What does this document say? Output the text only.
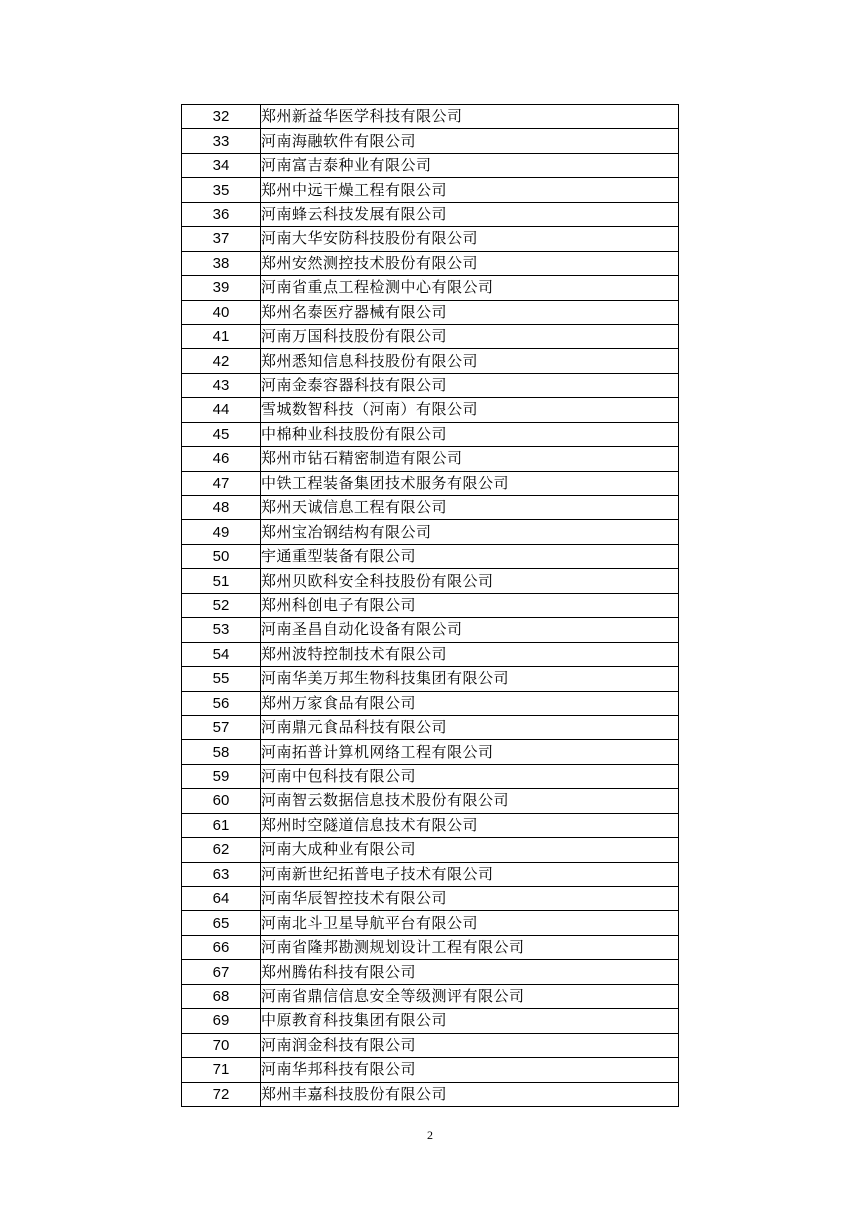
32	郑州新益华医学科技有限公司
33	河南海融软件有限公司
34	河南富吉泰种业有限公司
35	郑州中远干燥工程有限公司
36	河南蜂云科技发展有限公司
37	河南大华安防科技股份有限公司
38	郑州安然测控技术股份有限公司
39	河南省重点工程检测中心有限公司
40	郑州名泰医疗器械有限公司
41	河南万国科技股份有限公司
42	郑州悉知信息科技股份有限公司
43	河南金泰容器科技有限公司
44	雪城数智科技（河南）有限公司
45	中棉种业科技股份有限公司
46	郑州市钻石精密制造有限公司
47	中铁工程装备集团技术服务有限公司
48	郑州天诚信息工程有限公司
49	郑州宝冶钢结构有限公司
50	宇通重型装备有限公司
51	郑州贝欧科安全科技股份有限公司
52	郑州科创电子有限公司
53	河南圣昌自动化设备有限公司
54	郑州波特控制技术有限公司
55	河南华美万邦生物科技集团有限公司
56	郑州万家食品有限公司
57	河南鼎元食品科技有限公司
58	河南拓普计算机网络工程有限公司
59	河南中包科技有限公司
60	河南智云数据信息技术股份有限公司
61	郑州时空隧道信息技术有限公司
62	河南大成种业有限公司
63	河南新世纪拓普电子技术有限公司
64	河南华辰智控技术有限公司
65	河南北斗卫星导航平台有限公司
66	河南省隆邦勘测规划设计工程有限公司
67	郑州腾佑科技有限公司
68	河南省鼎信信息安全等级测评有限公司
69	中原教育科技集团有限公司
70	河南润金科技有限公司
71	河南华邦科技有限公司
72	郑州丰嘉科技股份有限公司
2
